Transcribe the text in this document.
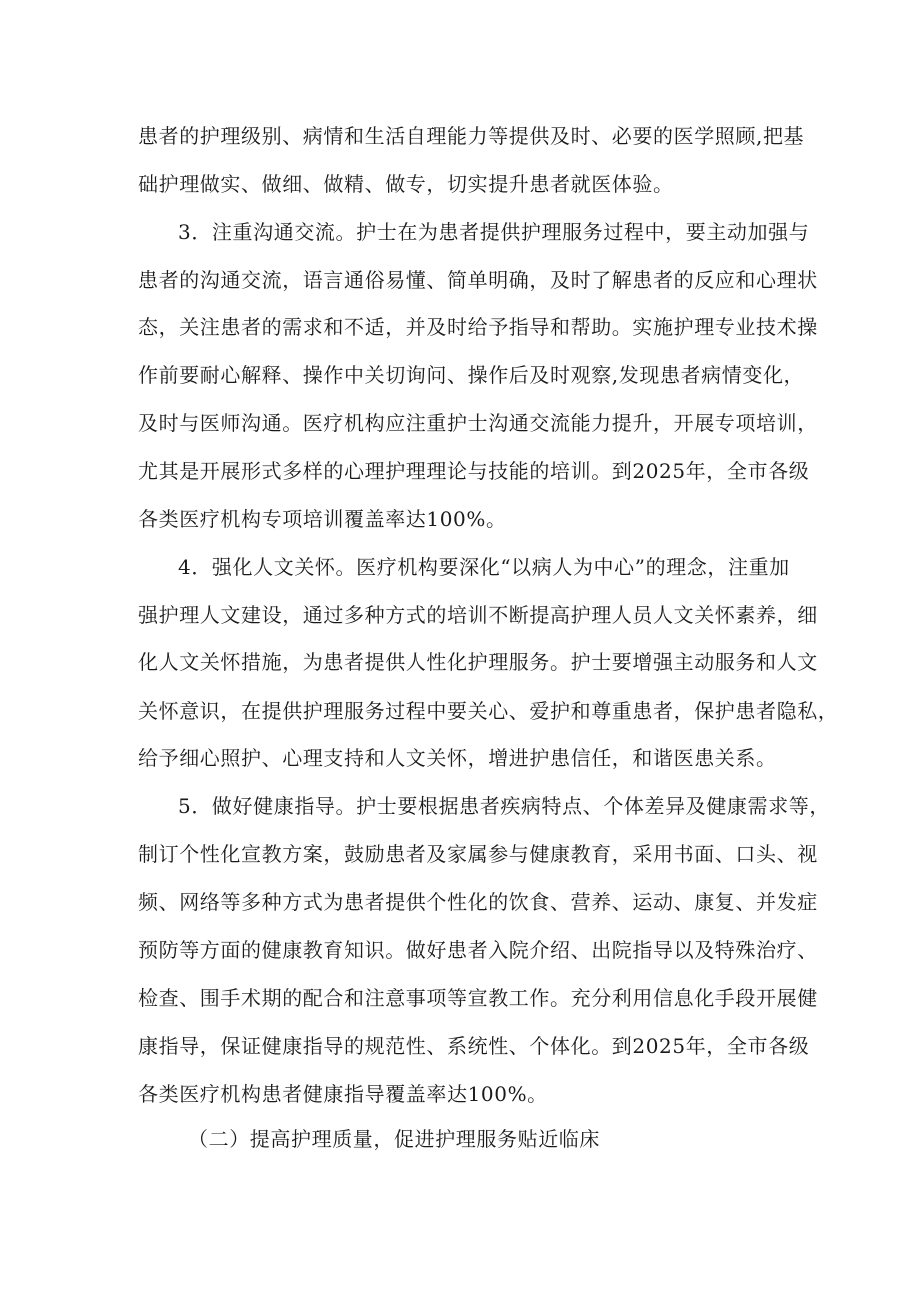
患者的护理级别、病情和生活自理能力等提供及时、必要的医学照顾,把基
础护理做实、做细、做精、做专，切实提升患者就医体验。
3．注重沟通交流。护士在为患者提供护理服务过程中，要主动加强与
患者的沟通交流，语言通俗易懂、简单明确，及时了解患者的反应和心理状
态，关注患者的需求和不适，并及时给予指导和帮助。实施护理专业技术操
作前要耐心解释、操作中关切询问、操作后及时观察,发现患者病情变化，
及时与医师沟通。医疗机构应注重护士沟通交流能力提升，开展专项培训，
尤其是开展形式多样的心理护理理论与技能的培训。到2025年，全市各级
各类医疗机构专项培训覆盖率达100%。
4．强化人文关怀。医疗机构要深化“以病人为中心”的理念，注重加
强护理人文建设，通过多种方式的培训不断提高护理人员人文关怀素养，细
化人文关怀措施，为患者提供人性化护理服务。护士要增强主动服务和人文
关怀意识，在提供护理服务过程中要关心、爱护和尊重患者，保护患者隐私，
给予细心照护、心理支持和人文关怀，增进护患信任，和谐医患关系。
5．做好健康指导。护士要根据患者疾病特点、个体差异及健康需求等，
制订个性化宣教方案，鼓励患者及家属参与健康教育，采用书面、口头、视
频、网络等多种方式为患者提供个性化的饮食、营养、运动、康复、并发症
预防等方面的健康教育知识。做好患者入院介绍、出院指导以及特殊治疗、
检查、围手术期的配合和注意事项等宣教工作。充分利用信息化手段开展健
康指导，保证健康指导的规范性、系统性、个体化。到2025年，全市各级
各类医疗机构患者健康指导覆盖率达100%。
（二）提高护理质量，促进护理服务贴近临床
